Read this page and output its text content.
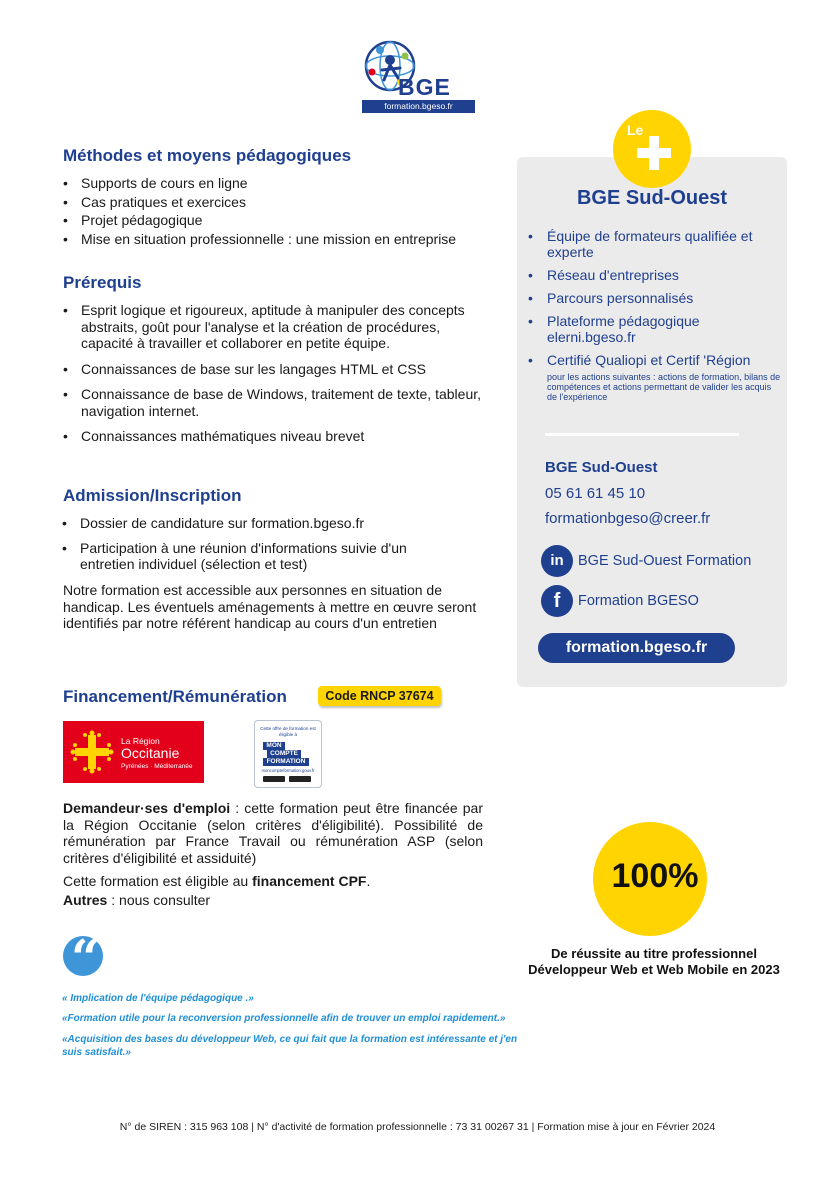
BGE
formation.bgeso.fr
Méthodes et moyens pédagogiques
• Supports de cours en ligne
• Cas pratiques et exercices
• Projet pédagogique
• Mise en situation professionnelle : une mission en entreprise
Prérequis
• Esprit logique et rigoureux, aptitude à manipuler des concepts abstraits, goût pour l'analyse et la création de procédures, capacité à travailler et collaborer en petite équipe.
• Connaissances de base sur les langages HTML et CSS
• Connaissance de base de Windows, traitement de texte, tableur, navigation internet.
• Connaissances mathématiques niveau brevet
Admission/Inscription
• Dossier de candidature sur formation.bgeso.fr
• Participation à une réunion d'informations suivie d'un entretien individuel (sélection et test)
Notre formation est accessible aux personnes en situation de handicap. Les éventuels aménagements à mettre en œuvre seront identifiés par notre référent handicap au cours d'un entretien
Financement/Rémunération	Code RNCP 37674
La Région
Occitanie
Pyrénées · Méditerranée
Cette offre de formation est éligible à
MON
COMPTE
FORMATION
moncompteformation.gouv.fr
Demandeur·ses d'emploi : cette formation peut être financée par la Région Occitanie (selon critères d'éligibilité). Possibilité de rémunération par France Travail ou rémunération ASP (selon critères d'éligibilité et assiduité)
Cette formation est éligible au financement CPF.
Autres : nous consulter
“
« Implication de l'équipe pédagogique .»
«Formation utile pour la reconversion professionnelle afin de trouver un emploi rapidement.»
«Acquisition des bases du développeur Web, ce qui fait que la formation est intéressante et j'en suis satisfait.»
Le
BGE Sud-Ouest
• Équipe de formateurs qualifiée et experte
• Réseau d'entreprises
• Parcours personnalisés
• Plateforme pédagogique elerni.bgeso.fr
• Certifié Qualiopi et Certif 'Région
pour les actions suivantes : actions de formation, bilans de compétences et actions permettant de valider les acquis de l'expérience
BGE Sud-Ouest
05 61 61 45 10
formationbgeso@creer.fr
in BGE Sud-Ouest Formation
f	Formation BGESO
formation.bgeso.fr
100%
De réussite au titre professionnel Développeur Web et Web Mobile en 2023
N° de SIREN : 315 963 108 | N° d'activité de formation professionnelle : 73 31 00267 31 | Formation mise à jour en Février 2024
